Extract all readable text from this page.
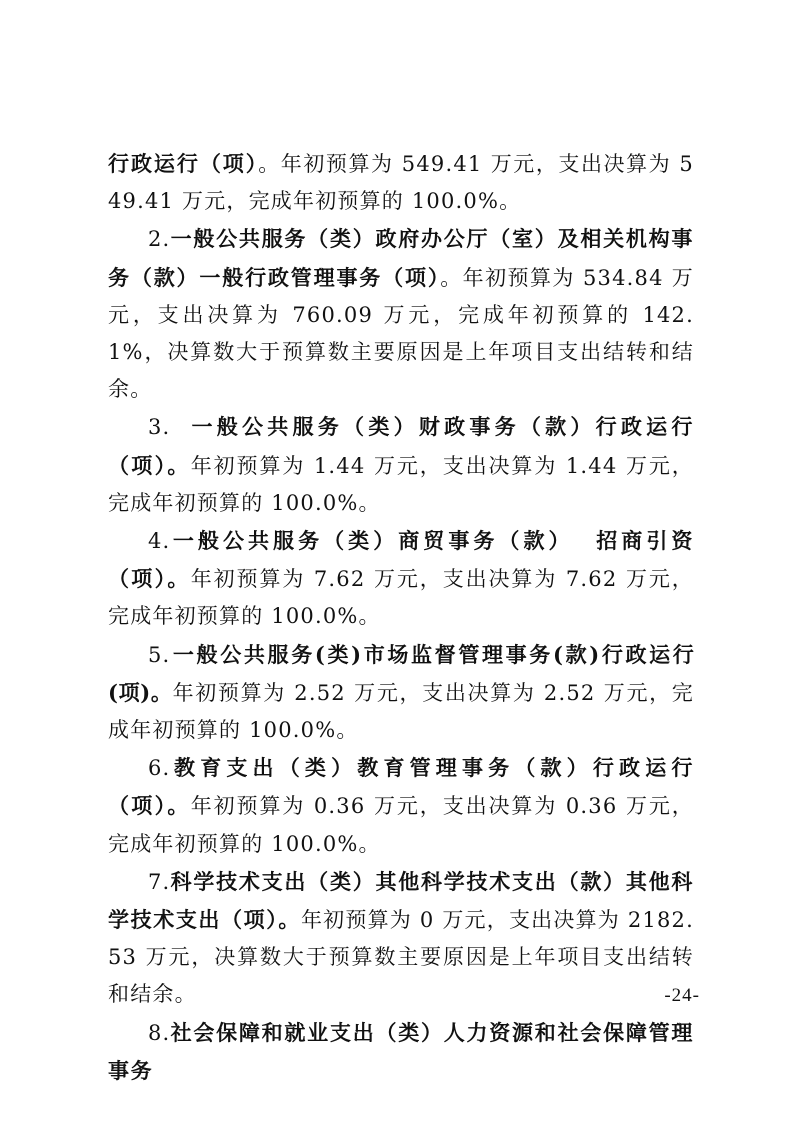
行政运行（项）。年初预算为 549.41 万元，支出决算为 549.41 万元，完成年初预算的 100.0%。

2.一般公共服务（类）政府办公厅（室）及相关机构事务（款）一般行政管理事务（项）。年初预算为 534.84 万元，支出决算为 760.09 万元，完成年初预算的 142.1%，决算数大于预算数主要原因是上年项目支出结转和结余。

3.  一般公共服务（类）财政事务（款）行政运行（项）。年初预算为 1.44 万元，支出决算为 1.44 万元，完成年初预算的 100.0%。

4.一般公共服务（类）商贸事务（款）  招商引资（项）。年初预算为 7.62 万元，支出决算为 7.62 万元，完成年初预算的 100.0%。

5.一般公共服务(类)市场监督管理事务(款)行政运行(项)。年初预算为 2.52 万元，支出决算为 2.52 万元，完成年初预算的 100.0%。

6.教育支出（类）教育管理事务（款）行政运行（项）。年初预算为 0.36 万元，支出决算为 0.36 万元，完成年初预算的 100.0%。

7.科学技术支出（类）其他科学技术支出（款）其他科学技术支出（项）。年初预算为 0 万元，支出决算为 2182.53 万元，决算数大于预算数主要原因是上年项目支出结转和结余。

8.社会保障和就业支出（类）人力资源和社会保障管理事务

-24-
